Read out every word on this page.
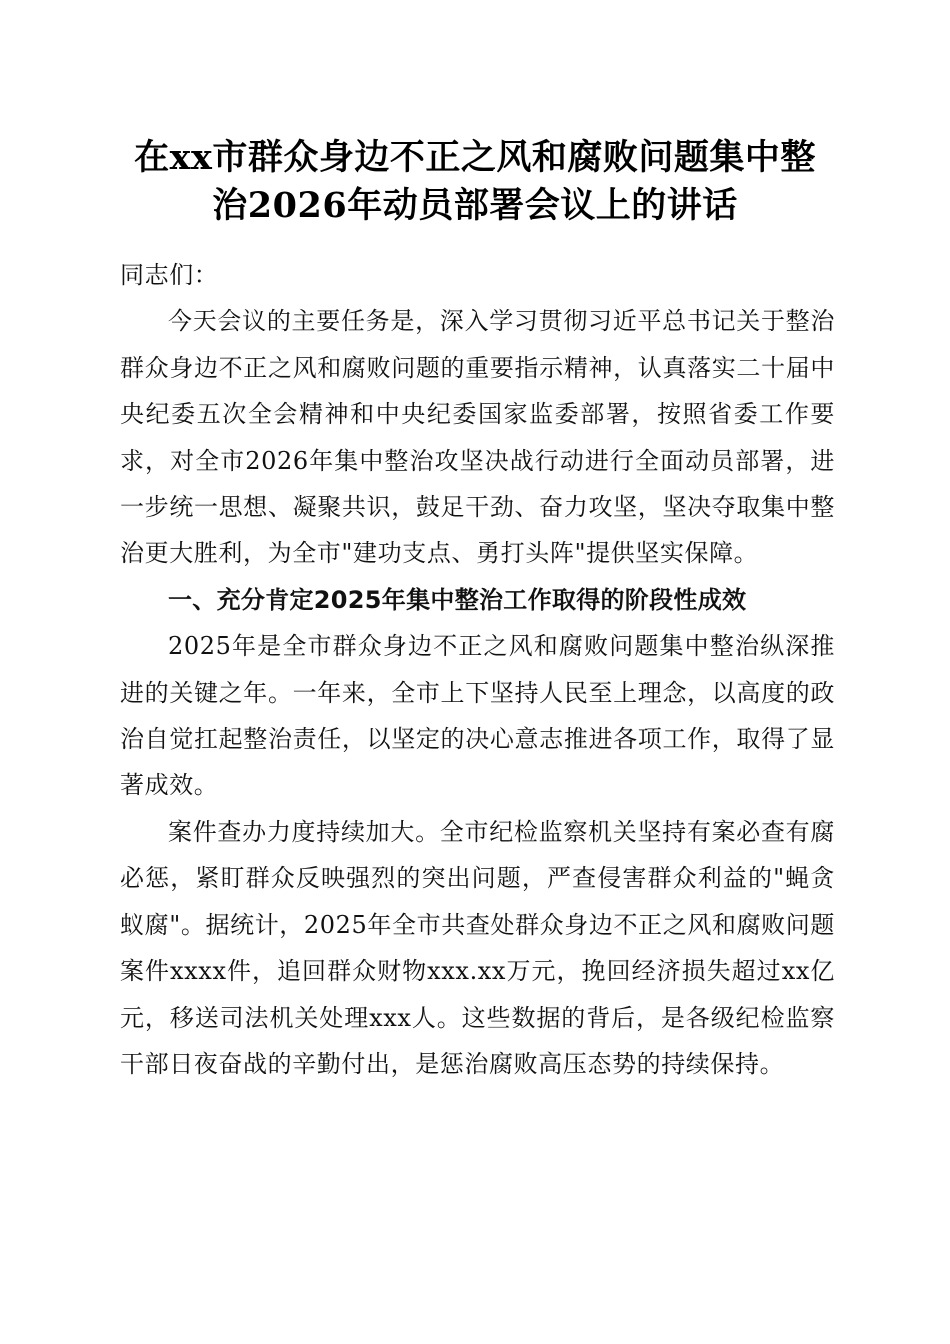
在xx市群众身边不正之风和腐败问题集中整
治2026年动员部署会议上的讲话

同志们：

今天会议的主要任务是，深入学习贯彻习近平总书记关于整治群众身边不正之风和腐败问题的重要指示精神，认真落实二十届中央纪委五次全会精神和中央纪委国家监委部署，按照省委工作要求，对全市2026年集中整治攻坚决战行动进行全面动员部署，进一步统一思想、凝聚共识，鼓足干劲、奋力攻坚，坚决夺取集中整治更大胜利，为全市"建功支点、勇打头阵"提供坚实保障。

一、充分肯定2025年集中整治工作取得的阶段性成效

2025年是全市群众身边不正之风和腐败问题集中整治纵深推进的关键之年。一年来，全市上下坚持人民至上理念，以高度的政治自觉扛起整治责任，以坚定的决心意志推进各项工作，取得了显著成效。

案件查办力度持续加大。全市纪检监察机关坚持有案必查有腐必惩，紧盯群众反映强烈的突出问题，严查侵害群众利益的"蝇贪蚁腐"。据统计，2025年全市共查处群众身边不正之风和腐败问题案件xxxx件，追回群众财物xxx.xx万元，挽回经济损失超过xx亿元，移送司法机关处理xxx人。这些数据的背后，是各级纪检监察干部日夜奋战的辛勤付出，是惩治腐败高压态势的持续保持。
